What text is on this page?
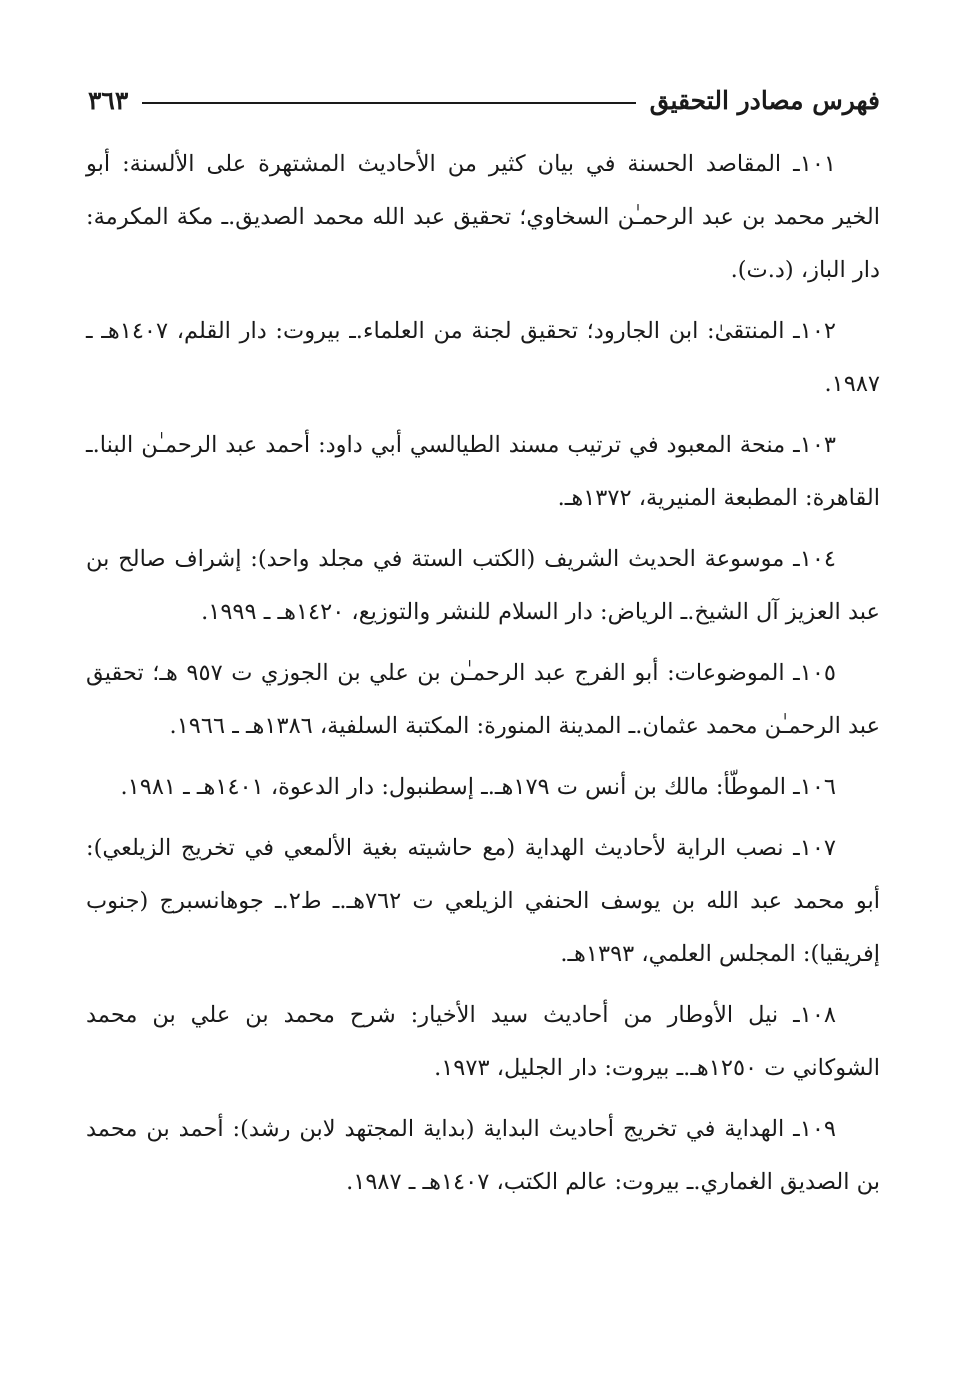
فهرس مصادر التحقيق
٣٦٣

١٠١ـ المقاصد الحسنة في بيان كثير من الأحاديث المشتهرة على الألسنة: أبو الخير محمد بن عبد الرحمـٰن السخاوي؛ تحقيق عبد الله محمد الصديق.ـ مكة المكرمة: دار الباز، (د.ت).

١٠٢ـ المنتقىٰ: ابن الجارود؛ تحقيق لجنة من العلماء.ـ بيروت: دار القلم، ١٤٠٧هـ ـ ١٩٨٧.

١٠٣ـ منحة المعبود في ترتيب مسند الطيالسي أبي داود: أحمد عبد الرحمـٰن البنا.ـ القاهرة: المطبعة المنيرية، ١٣٧٢هـ.

١٠٤ـ موسوعة الحديث الشريف (الكتب الستة في مجلد واحد): إشراف صالح بن عبد العزيز آل الشيخ.ـ الرياض: دار السلام للنشر والتوزيع، ١٤٢٠هـ ـ ١٩٩٩.

١٠٥ـ الموضوعات: أبو الفرج عبد الرحمـٰن بن علي بن الجوزي ت ٩٥٧ هـ؛ تحقيق عبد الرحمـٰن محمد عثمان.ـ المدينة المنورة: المكتبة السلفية، ١٣٨٦هـ ـ ١٩٦٦.

١٠٦ـ الموطّأ: مالك بن أنس ت ١٧٩هـ.ـ إسطنبول: دار الدعوة، ١٤٠١هـ ـ ١٩٨١.

١٠٧ـ نصب الراية لأحاديث الهداية (مع حاشيته بغية الألمعي في تخريج الزيلعي): أبو محمد عبد الله بن يوسف الحنفي الزيلعي ت ٧٦٢هـ.ـ ط٢.ـ جوهانسبرج (جنوب إفريقيا): المجلس العلمي، ١٣٩٣هـ.

١٠٨ـ نيل الأوطار من أحاديث سيد الأخيار: شرح محمد بن علي بن محمد الشوكاني ت ١٢٥٠هـ.ـ بيروت: دار الجليل، ١٩٧٣.

١٠٩ـ الهداية في تخريج أحاديث البداية (بداية المجتهد لابن رشد): أحمد بن محمد بن الصديق الغماري.ـ بيروت: عالم الكتب، ١٤٠٧هـ ـ ١٩٨٧.
